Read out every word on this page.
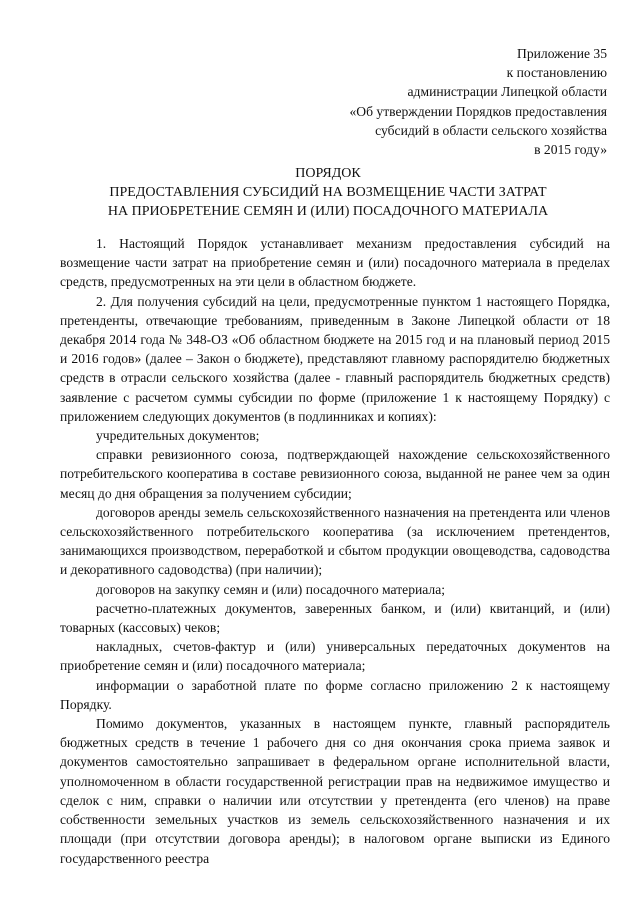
Приложение 35
к постановлению
администрации Липецкой области
«Об утверждении Порядков предоставления
субсидий в области сельского хозяйства
в 2015 году»
ПОРЯДОК
ПРЕДОСТАВЛЕНИЯ СУБСИДИЙ НА ВОЗМЕЩЕНИЕ ЧАСТИ ЗАТРАТ
НА ПРИОБРЕТЕНИЕ СЕМЯН И (ИЛИ) ПОСАДОЧНОГО МАТЕРИАЛА

1. Настоящий Порядок устанавливает механизм предоставления субсидий на возмещение части затрат на приобретение семян и (или) посадочного материала в пределах средств, предусмотренных на эти цели в областном бюджете.

2. Для получения субсидий на цели, предусмотренные пунктом 1 настоящего Порядка, претенденты, отвечающие требованиям, приведенным в Законе Липецкой области от 18 декабря 2014 года № 348-ОЗ «Об областном бюджете на 2015 год и на плановый период 2015 и 2016 годов» (далее – Закон о бюджете), представляют главному распорядителю бюджетных средств в отрасли сельского хозяйства (далее - главный распорядитель бюджетных средств) заявление с расчетом суммы субсидии по форме (приложение 1 к настоящему Порядку) с приложением следующих документов (в подлинниках и копиях):

учредительных документов;

справки ревизионного союза, подтверждающей нахождение сельскохозяйственного потребительского кооператива в составе ревизионного союза, выданной не ранее чем за один месяц до дня обращения за получением субсидии;

договоров аренды земель сельскохозяйственного назначения на претендента или членов сельскохозяйственного потребительского кооператива (за исключением претендентов, занимающихся производством, переработкой и сбытом продукции овощеводства, садоводства и декоративного садоводства) (при наличии);

договоров на закупку семян и (или) посадочного материала;

расчетно-платежных документов, заверенных банком, и (или) квитанций, и (или) товарных (кассовых) чеков;

накладных, счетов-фактур и (или) универсальных передаточных документов на приобретение семян и (или) посадочного материала;

информации о заработной плате по форме согласно приложению 2 к настоящему Порядку.

Помимо документов, указанных в настоящем пункте, главный распорядитель бюджетных средств в течение 1 рабочего дня со дня окончания срока приема заявок и документов самостоятельно запрашивает в федеральном органе исполнительной власти, уполномоченном в области государственной регистрации прав на недвижимое имущество и сделок с ним, справки о наличии или отсутствии у претендента (его членов) на праве собственности земельных участков из земель сельскохозяйственного назначения и их площади (при отсутствии договора аренды); в налоговом органе выписки из Единого государственного реестра
